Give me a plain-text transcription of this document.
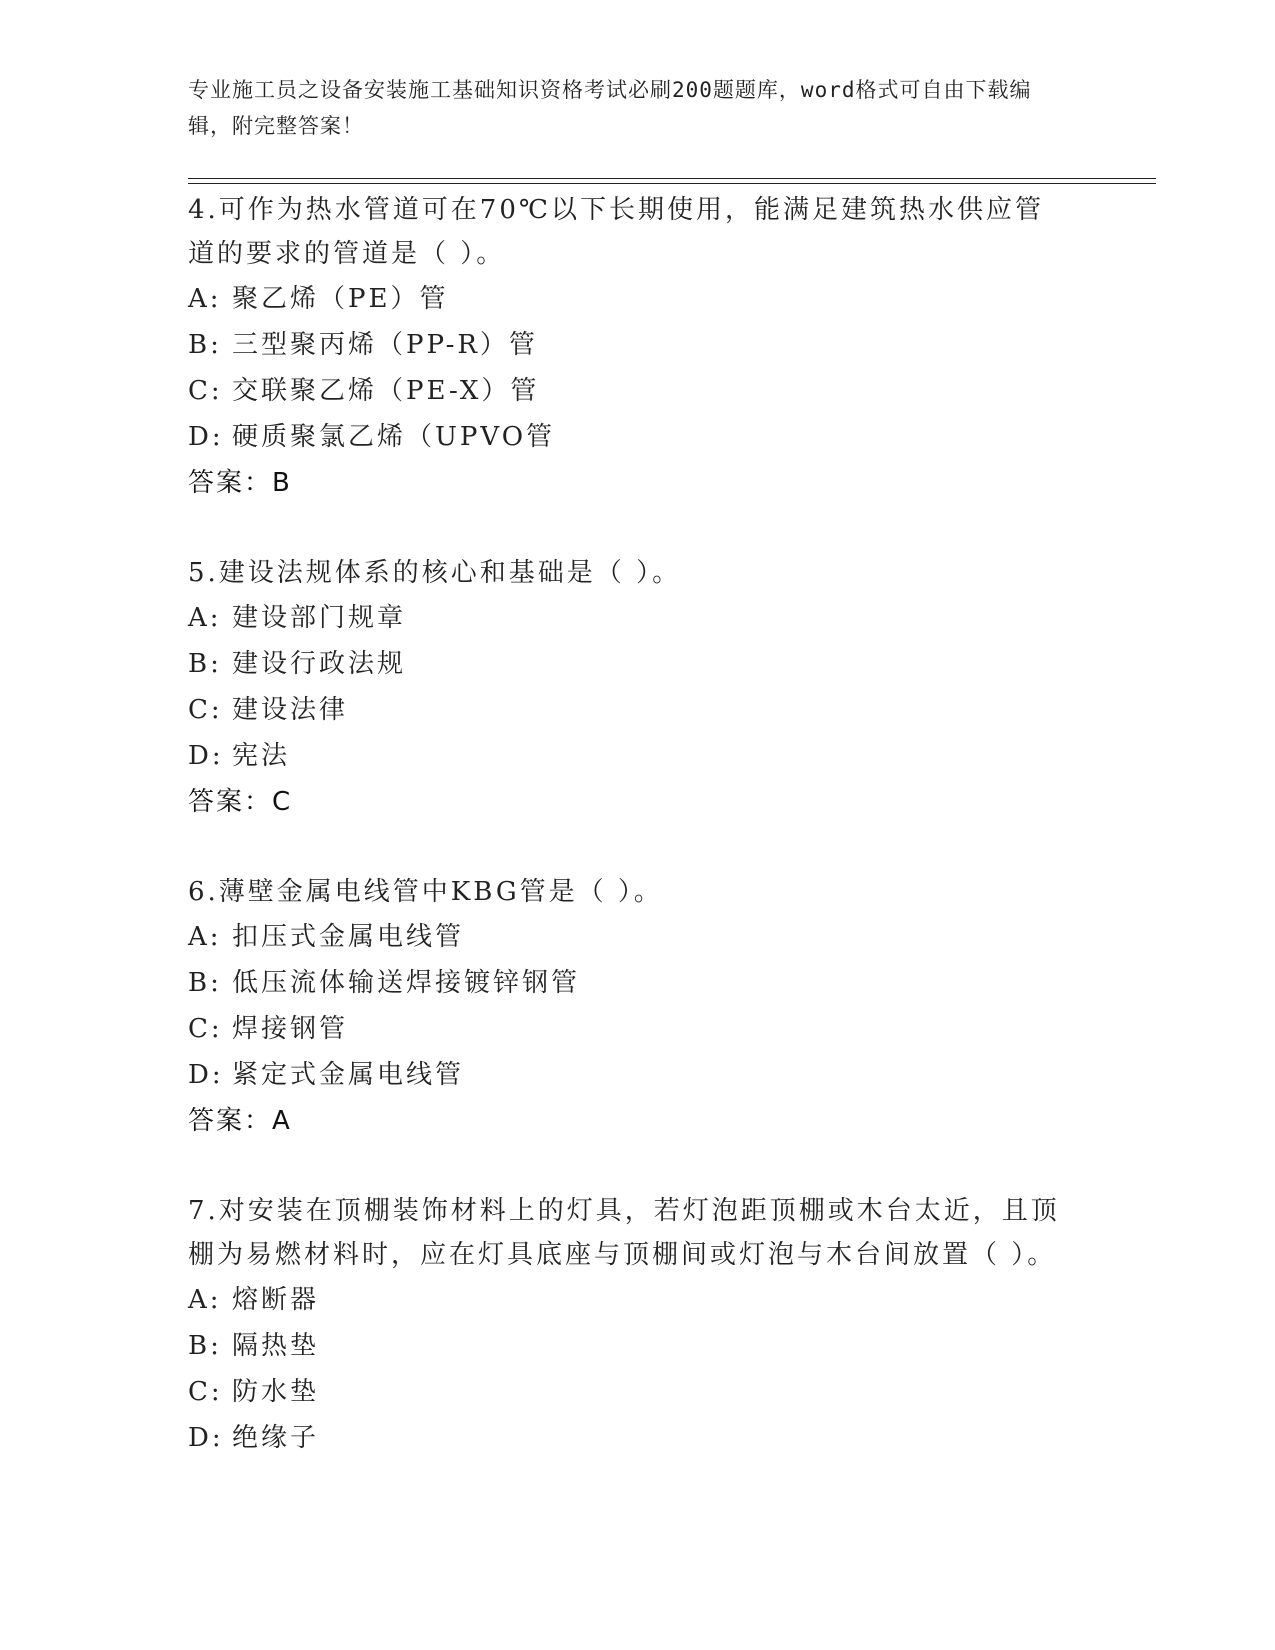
专业施工员之设备安装施工基础知识资格考试必刷200题题库，word格式可自由下载编辑，附完整答案！
4.可作为热水管道可在70℃以下长期使用，能满足建筑热水供应管道的要求的管道是（ ）。
A: 聚乙烯（PE）管
B: 三型聚丙烯（PP-R）管
C: 交联聚乙烯（PE-X）管
D: 硬质聚氯乙烯（UPVO管
答案：B
5.建设法规体系的核心和基础是（ ）。
A: 建设部门规章
B: 建设行政法规
C: 建设法律
D: 宪法
答案：C
6.薄壁金属电线管中KBG管是（ ）。
A: 扣压式金属电线管
B: 低压流体输送焊接镀锌钢管
C: 焊接钢管
D: 紧定式金属电线管
答案：A
7.对安装在顶棚装饰材料上的灯具，若灯泡距顶棚或木台太近，且顶棚为易燃材料时，应在灯具底座与顶棚间或灯泡与木台间放置（ ）。
A: 熔断器
B: 隔热垫
C: 防水垫
D: 绝缘子
